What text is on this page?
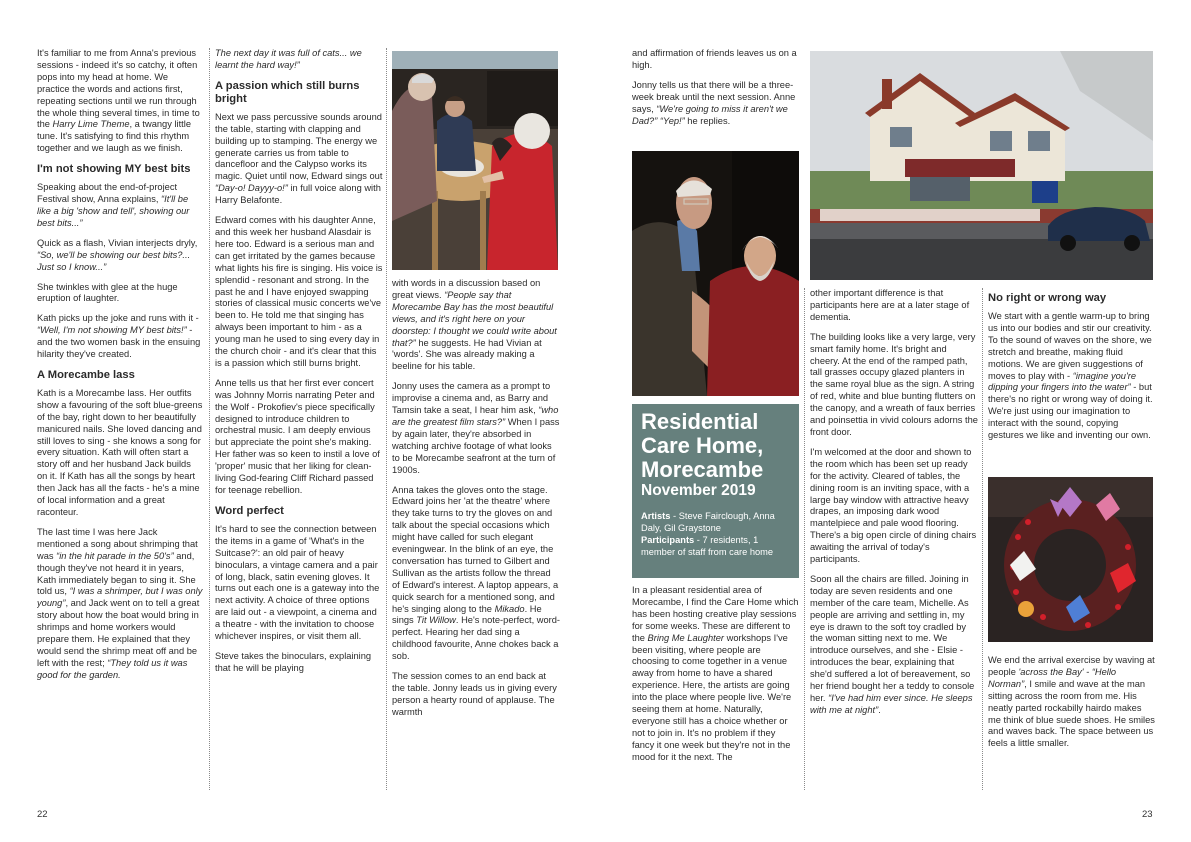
It's familiar to me from Anna's previous sessions - indeed it's so catchy, it often pops into my head at home. We practice the words and actions first, repeating sections until we run through the whole thing several times, in time to the Harry Lime Theme, a twangy little tune. It's satisfying to find this rhythm together and we laugh as we finish.

I'm not showing MY best bits

Speaking about the end-of-project Festival show, Anna explains, “It'll be like a big 'show and tell', showing our best bits...”

Quick as a flash, Vivian interjects dryly, “So, we'll be showing our best bits?... Just so I know...”

She twinkles with glee at the huge eruption of laughter.

Kath picks up the joke and runs with it - “Well, I'm not showing MY best bits!” - and the two women bask in the ensuing hilarity they've created.

A Morecambe lass

Kath is a Morecambe lass. Her outfits show a favouring of the soft blue-greens of the bay, right down to her beautifully manicured nails. She loved dancing and still loves to sing - she knows a song for every situation. Kath will often start a story off and her husband Jack builds on it. If Kath has all the songs by heart then Jack has all the facts - he's a mine of local information and a great raconteur.

The last time I was here Jack mentioned a song about shrimping that was “in the hit parade in the 50's” and, though they've not heard it in years, Kath immediately began to sing it. She told us, “I was a shrimper, but I was only young”, and Jack went on to tell a great story about how the boat would bring in shrimps and home workers would prepare them. He explained that they would send the shrimp meat off and be left with the rest; “They told us it was good for the garden.

The next day it was full of cats... we learnt the hard way!”

A passion which still burns bright

Next we pass percussive sounds around the table, starting with clapping and building up to stamping. The energy we generate carries us from table to dancefloor and the Calypso works its magic. Quiet until now, Edward sings out “Day-o! Dayyy-o!” in full voice along with Harry Belafonte.

Edward comes with his daughter Anne, and this week her husband Alasdair is here too. Edward is a serious man and can get irritated by the games because what lights his fire is singing. His voice is splendid - resonant and strong. In the past he and I have enjoyed swapping stories of classical music concerts we've been to. He told me that singing has always been important to him - as a young man he used to sing every day in the church choir - and it's clear that this is a passion which still burns bright.

Anne tells us that her first ever concert was Johnny Morris narrating Peter and the Wolf - Prokofiev's piece specifically designed to introduce children to orchestral music. I am deeply envious but appreciate the point she's making. Her father was so keen to instil a love of 'proper' music that her liking for clean-living God-fearing Cliff Richard passed for teenage rebellion.

Word perfect

It's hard to see the connection between the items in a game of 'What's in the Suitcase?': an old pair of heavy binoculars, a vintage camera and a pair of long, black, satin evening gloves. It turns out each one is a gateway into the next activity. A choice of three options are laid out - a viewpoint, a cinema and a theatre - with the invitation to choose whichever inspires, or visit them all.

Steve takes the binoculars, explaining that he will be playing

with words in a discussion based on great views. “People say that Morecambe Bay has the most beautiful views, and it's right here on your doorstep: I thought we could write about that?” he suggests. He had Vivian at 'words'. She was already making a beeline for his table.

Jonny uses the camera as a prompt to improvise a cinema and, as Barry and Tamsin take a seat, I hear him ask, “who are the greatest film stars?” When I pass by again later, they're absorbed in watching archive footage of what looks to be Morecambe seafront at the turn of 1900s.

Anna takes the gloves onto the stage. Edward joins her 'at the theatre' where they take turns to try the gloves on and talk about the special occasions which might have called for such elegant eveningwear. In the blink of an eye, the conversation has turned to Gilbert and Sullivan as the artists follow the thread of Edward's interest. A laptop appears, a quick search for a mentioned song, and he's singing along to the Mikado. He sings Tit Willow. He's note-perfect, word-perfect. Hearing her dad sing a childhood favourite, Anne chokes back a sob.

The session comes to an end back at the table. Jonny leads us in giving every person a hearty round of applause. The warmth

22

and affirmation of friends leaves us on a high.

Jonny tells us that there will be a three-week break until the next session. Anne says, “We're going to miss it aren't we Dad?” “Yep!” he replies.

Residential
Care Home,
Morecambe
November 2019
Artists - Steve Fairclough, Anna Daly, Gil Graystone
Participants - 7 residents, 1 member of staff from care home

In a pleasant residential area of Morecambe, I find the Care Home which has been hosting creative play sessions for some weeks. These are different to the Bring Me Laughter workshops I've been visiting, where people are choosing to come together in a venue away from home to have a shared experience. Here, the artists are going into the place where people live. We're seeing them at home. Naturally, everyone still has a choice whether or not to join in. It's no problem if they fancy it one week but they're not in the mood for it the next. The

other important difference is that participants here are at a later stage of dementia.

The building looks like a very large, very smart family home. It's bright and cheery. At the end of the ramped path, tall grasses occupy glazed planters in the same royal blue as the sign. A string of red, white and blue bunting flutters on the canopy, and a wreath of faux berries and poinsettia in vivid colours adorns the front door.

I'm welcomed at the door and shown to the room which has been set up ready for the activity. Cleared of tables, the dining room is an inviting space, with a large bay window with attractive heavy drapes, an imposing dark wood mantelpiece and pale wood flooring. There's a big open circle of dining chairs awaiting the arrival of today's participants.

Soon all the chairs are filled. Joining in today are seven residents and one member of the care team, Michelle. As people are arriving and settling in, my eye is drawn to the soft toy cradled by the woman sitting next to me. We introduce ourselves, and she - Elsie - introduces the bear, explaining that she'd suffered a lot of bereavement, so her friend bought her a teddy to console her. “I've had him ever since. He sleeps with me at night”.

No right or wrong way

We start with a gentle warm-up to bring us into our bodies and stir our creativity. To the sound of waves on the shore, we stretch and breathe, making fluid motions. We are given suggestions of moves to play with - “imagine you're dipping your fingers into the water” - but there's no right or wrong way of doing it. We're just using our imagination to interact with the sound, copying gestures we like and inventing our own.

We end the arrival exercise by waving at people 'across the Bay' - “Hello Norman”, I smile and wave at the man sitting across the room from me. His neatly parted rockabilly hairdo makes me think of blue suede shoes. He smiles and waves back. The space between us feels a little smaller.

23
